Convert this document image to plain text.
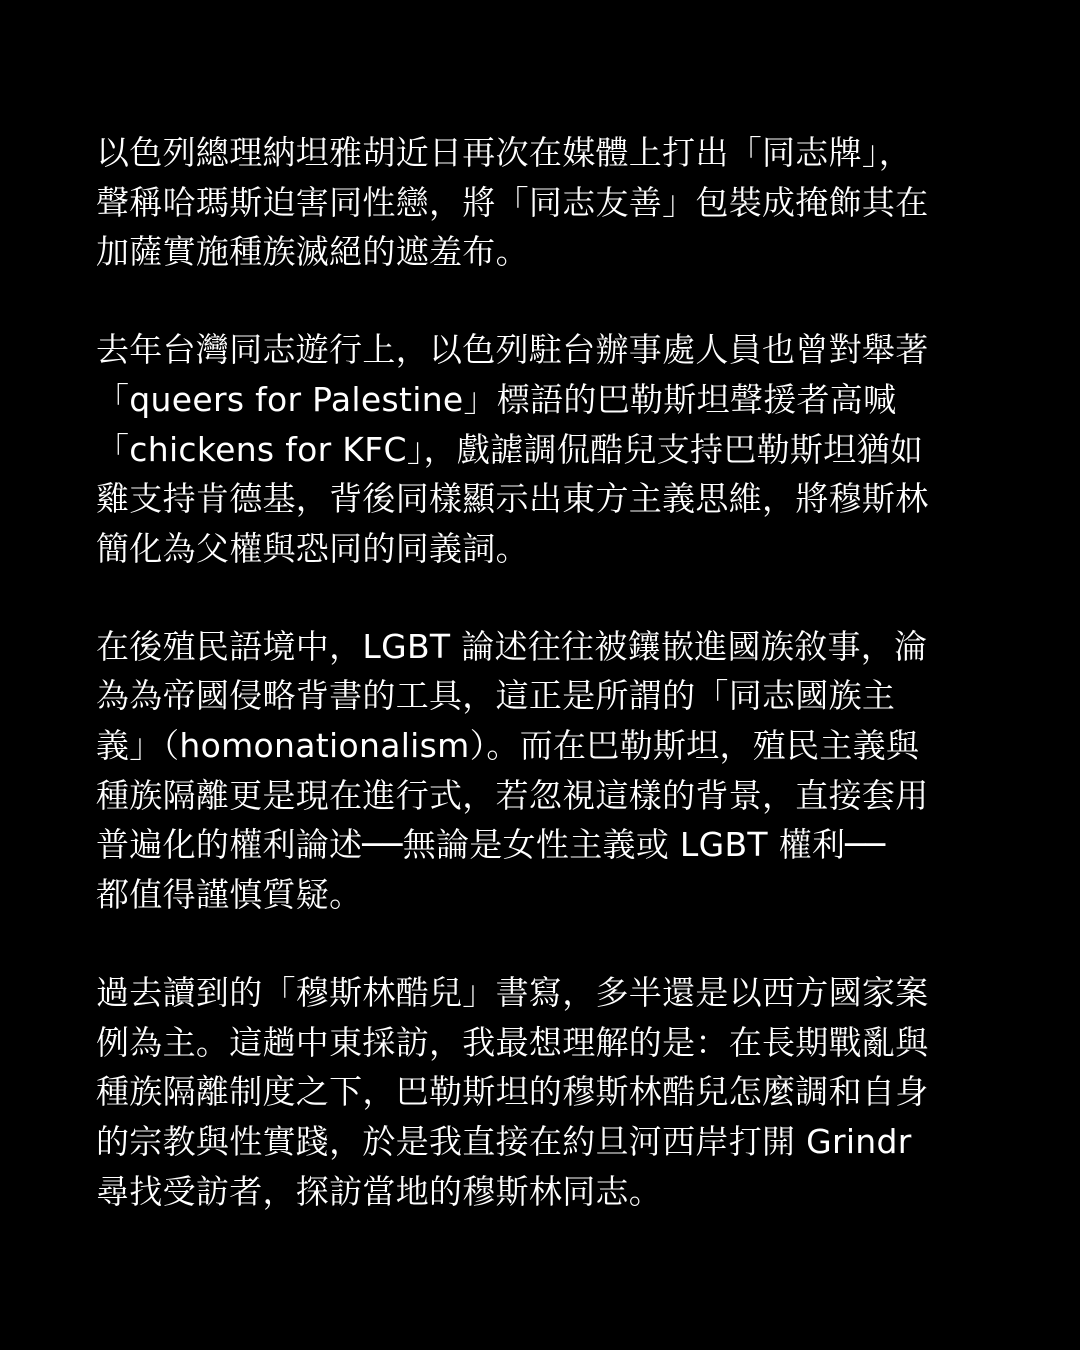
以色列總理納坦雅胡近日再次在媒體上打出「同志牌」，
聲稱哈瑪斯迫害同性戀，將「同志友善」包裝成掩飾其在
加薩實施種族滅絕的遮羞布。

去年台灣同志遊行上，以色列駐台辦事處人員也曾對舉著
「queers for Palestine」標語的巴勒斯坦聲援者高喊
「chickens for KFC」，戲謔調侃酷兒支持巴勒斯坦猶如
雞支持肯德基，背後同樣顯示出東方主義思維，將穆斯林
簡化為父權與恐同的同義詞。

在後殖民語境中，LGBT 論述往往被鑲嵌進國族敘事，淪
為為帝國侵略背書的工具，這正是所謂的「同志國族主
義」（homonationalism）。而在巴勒斯坦，殖民主義與
種族隔離更是現在進行式，若忽視這樣的背景，直接套用
普遍化的權利論述──無論是女性主義或 LGBT 權利──
都值得謹慎質疑。

過去讀到的「穆斯林酷兒」書寫，多半還是以西方國家案
例為主。這趟中東採訪，我最想理解的是：在長期戰亂與
種族隔離制度之下，巴勒斯坦的穆斯林酷兒怎麼調和自身
的宗教與性實踐，於是我直接在約旦河西岸打開 Grindr
尋找受訪者，探訪當地的穆斯林同志。
